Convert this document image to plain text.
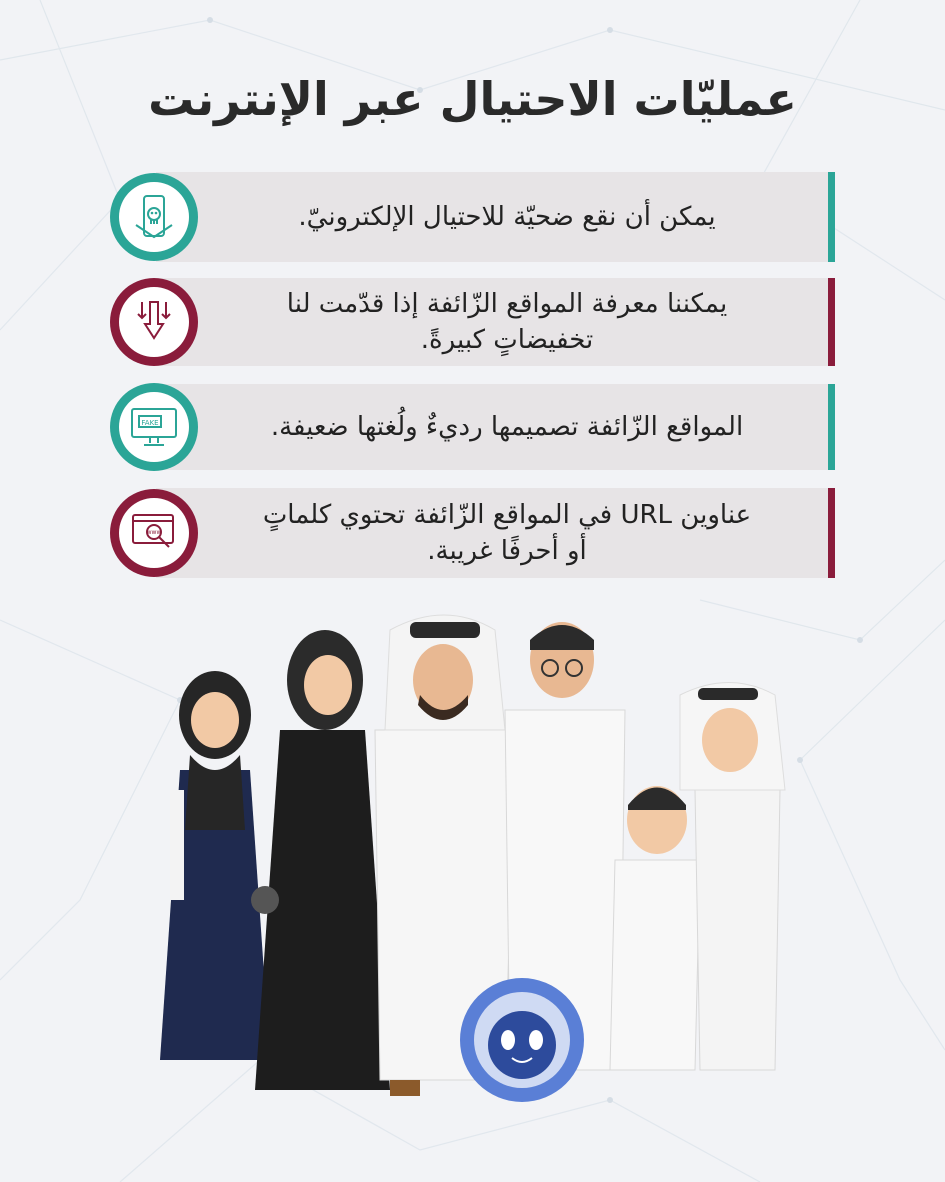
عمليّات الاحتيال عبر الإنترنت
يمكن أن نقع ضحيّة للاحتيال الإلكترونيّ.
يمكننا معرفة المواقع الزّائفة إذا قدّمت لنا تخفيضاتٍ كبيرةً.
المواقع الزّائفة تصميمها رديءٌ ولُغتها ضعيفة.
FAKE
عناوين URL في المواقع الزّائفة تحتوي كلماتٍ أو أحرفًا غريبة.
www
